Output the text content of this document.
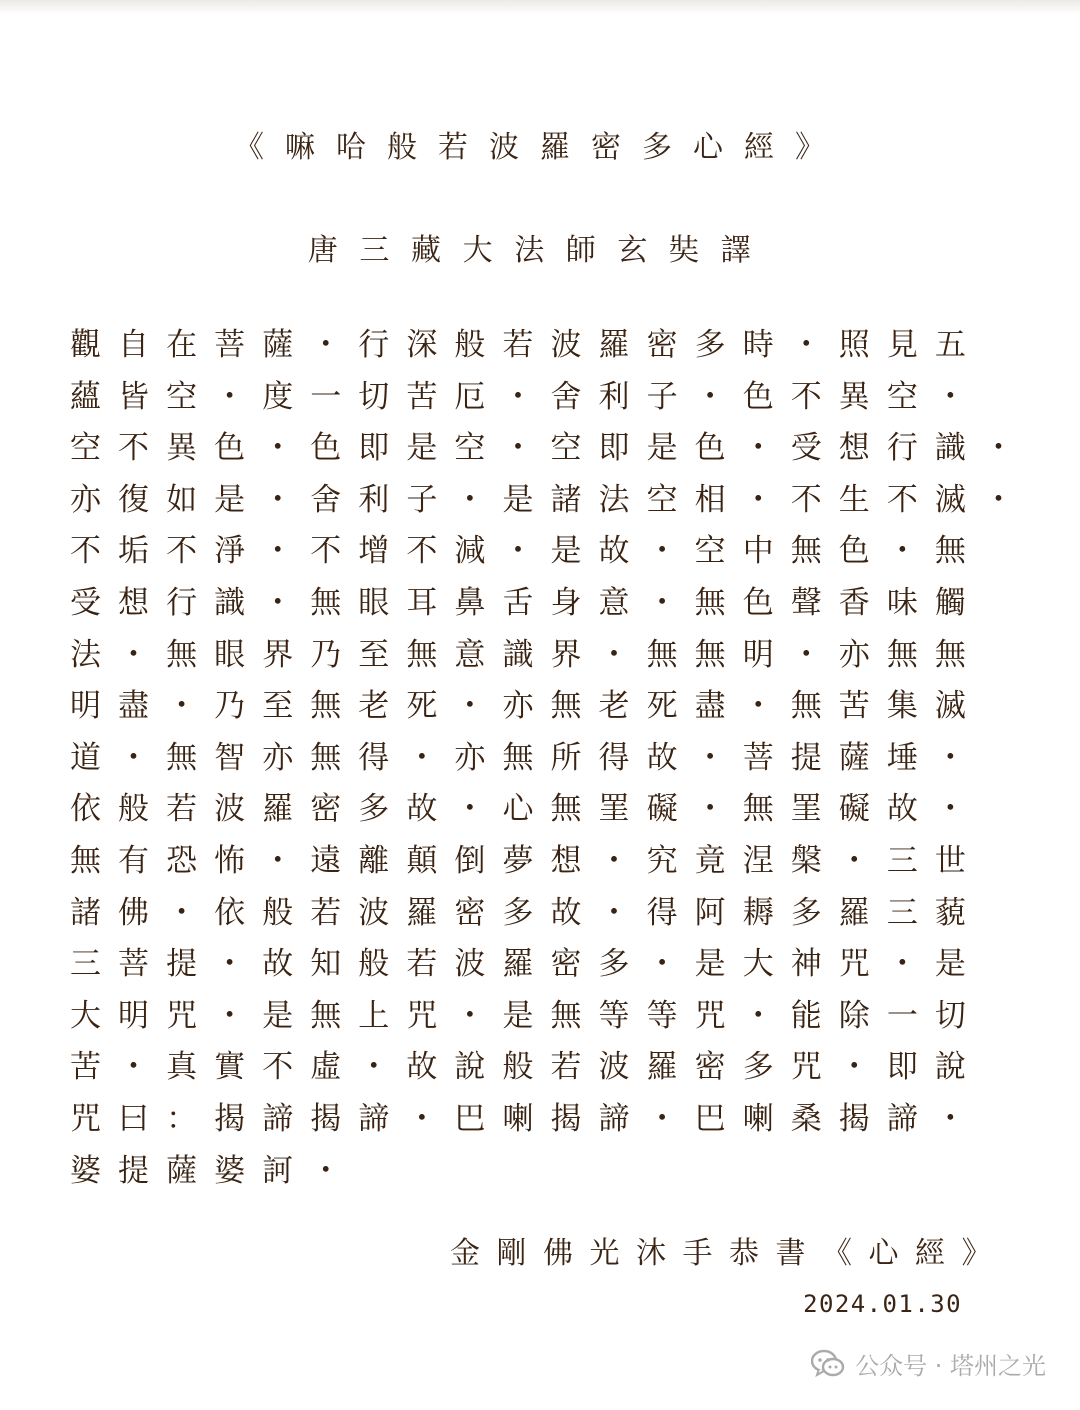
《嘛哈般若波羅密多心經》
唐三藏大法師玄奘譯
觀自在菩薩・行深般若波羅密多時・照見五
蘊皆空・度一切苦厄・舍利子・色不異空・
空不異色・色即是空・空即是色・受想行識・
亦復如是・舍利子・是諸法空相・不生不滅・
不垢不淨・不增不減・是故・空中無色・無
受想行識・無眼耳鼻舌身意・無色聲香味觸
法・無眼界乃至無意識界・無無明・亦無無
明盡・乃至無老死・亦無老死盡・無苦集滅
道・無智亦無得・亦無所得故・菩提薩埵・
依般若波羅密多故・心無罣礙・無罣礙故・
無有恐怖・遠離顛倒夢想・究竟涅槃・三世
諸佛・依般若波羅密多故・得阿耨多羅三藐
三菩提・故知般若波羅密多・是大神咒・是
大明咒・是無上咒・是無等等咒・能除一切
苦・真實不虛・故說般若波羅密多咒・即說
咒曰：揭諦揭諦・巴喇揭諦・巴喇桑揭諦・
婆提薩婆訶・
金剛佛光沐手恭書《心經》
2024.01.30
公众号 · 塔州之光
